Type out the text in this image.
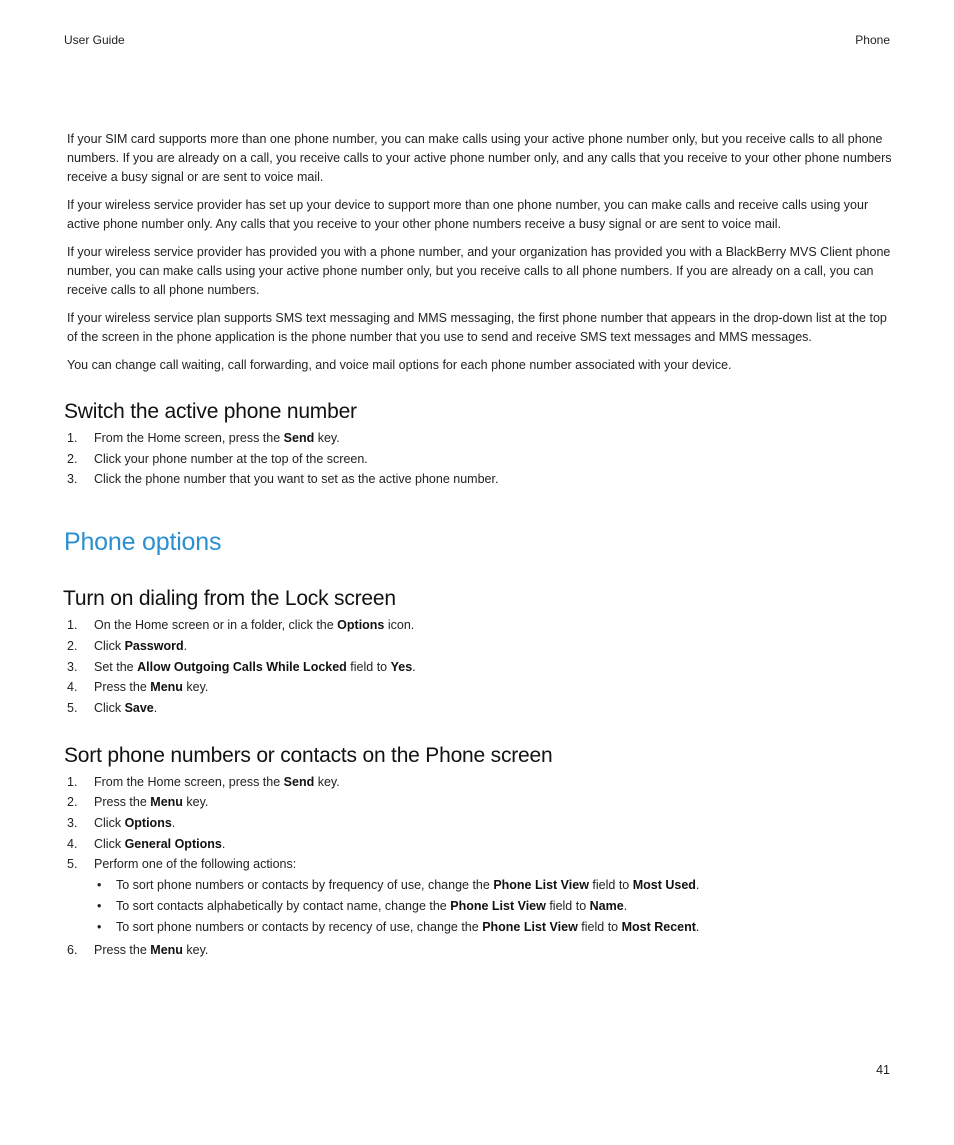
User Guide	Phone

If your SIM card supports more than one phone number, you can make calls using your active phone number only, but you receive calls to all phone numbers. If you are already on a call, you receive calls to your active phone number only, and any calls that you receive to your other phone numbers receive a busy signal or are sent to voice mail.

If your wireless service provider has set up your device to support more than one phone number, you can make calls and receive calls using your active phone number only. Any calls that you receive to your other phone numbers receive a busy signal or are sent to voice mail.

If your wireless service provider has provided you with a phone number, and your organization has provided you with a BlackBerry MVS Client phone number, you can make calls using your active phone number only, but you receive calls to all phone numbers. If you are already on a call, you can receive calls to all phone numbers.

If your wireless service plan supports SMS text messaging and MMS messaging, the first phone number that appears in the drop-down list at the top of the screen in the phone application is the phone number that you use to send and receive SMS text messages and MMS messages.

You can change call waiting, call forwarding, and voice mail options for each phone number associated with your device.

Switch the active phone number
1. From the Home screen, press the Send key.
2. Click your phone number at the top of the screen.
3. Click the phone number that you want to set as the active phone number.
Phone options
Turn on dialing from the Lock screen
1. On the Home screen or in a folder, click the Options icon.
2. Click Password.
3. Set the Allow Outgoing Calls While Locked field to Yes.
4. Press the Menu key.
5. Click Save.
Sort phone numbers or contacts on the Phone screen
1. From the Home screen, press the Send key.
2. Press the Menu key.
3. Click Options.
4. Click General Options.
5. Perform one of the following actions:
• To sort phone numbers or contacts by frequency of use, change the Phone List View field to Most Used.
• To sort contacts alphabetically by contact name, change the Phone List View field to Name.
• To sort phone numbers or contacts by recency of use, change the Phone List View field to Most Recent.
6. Press the Menu key.
41
